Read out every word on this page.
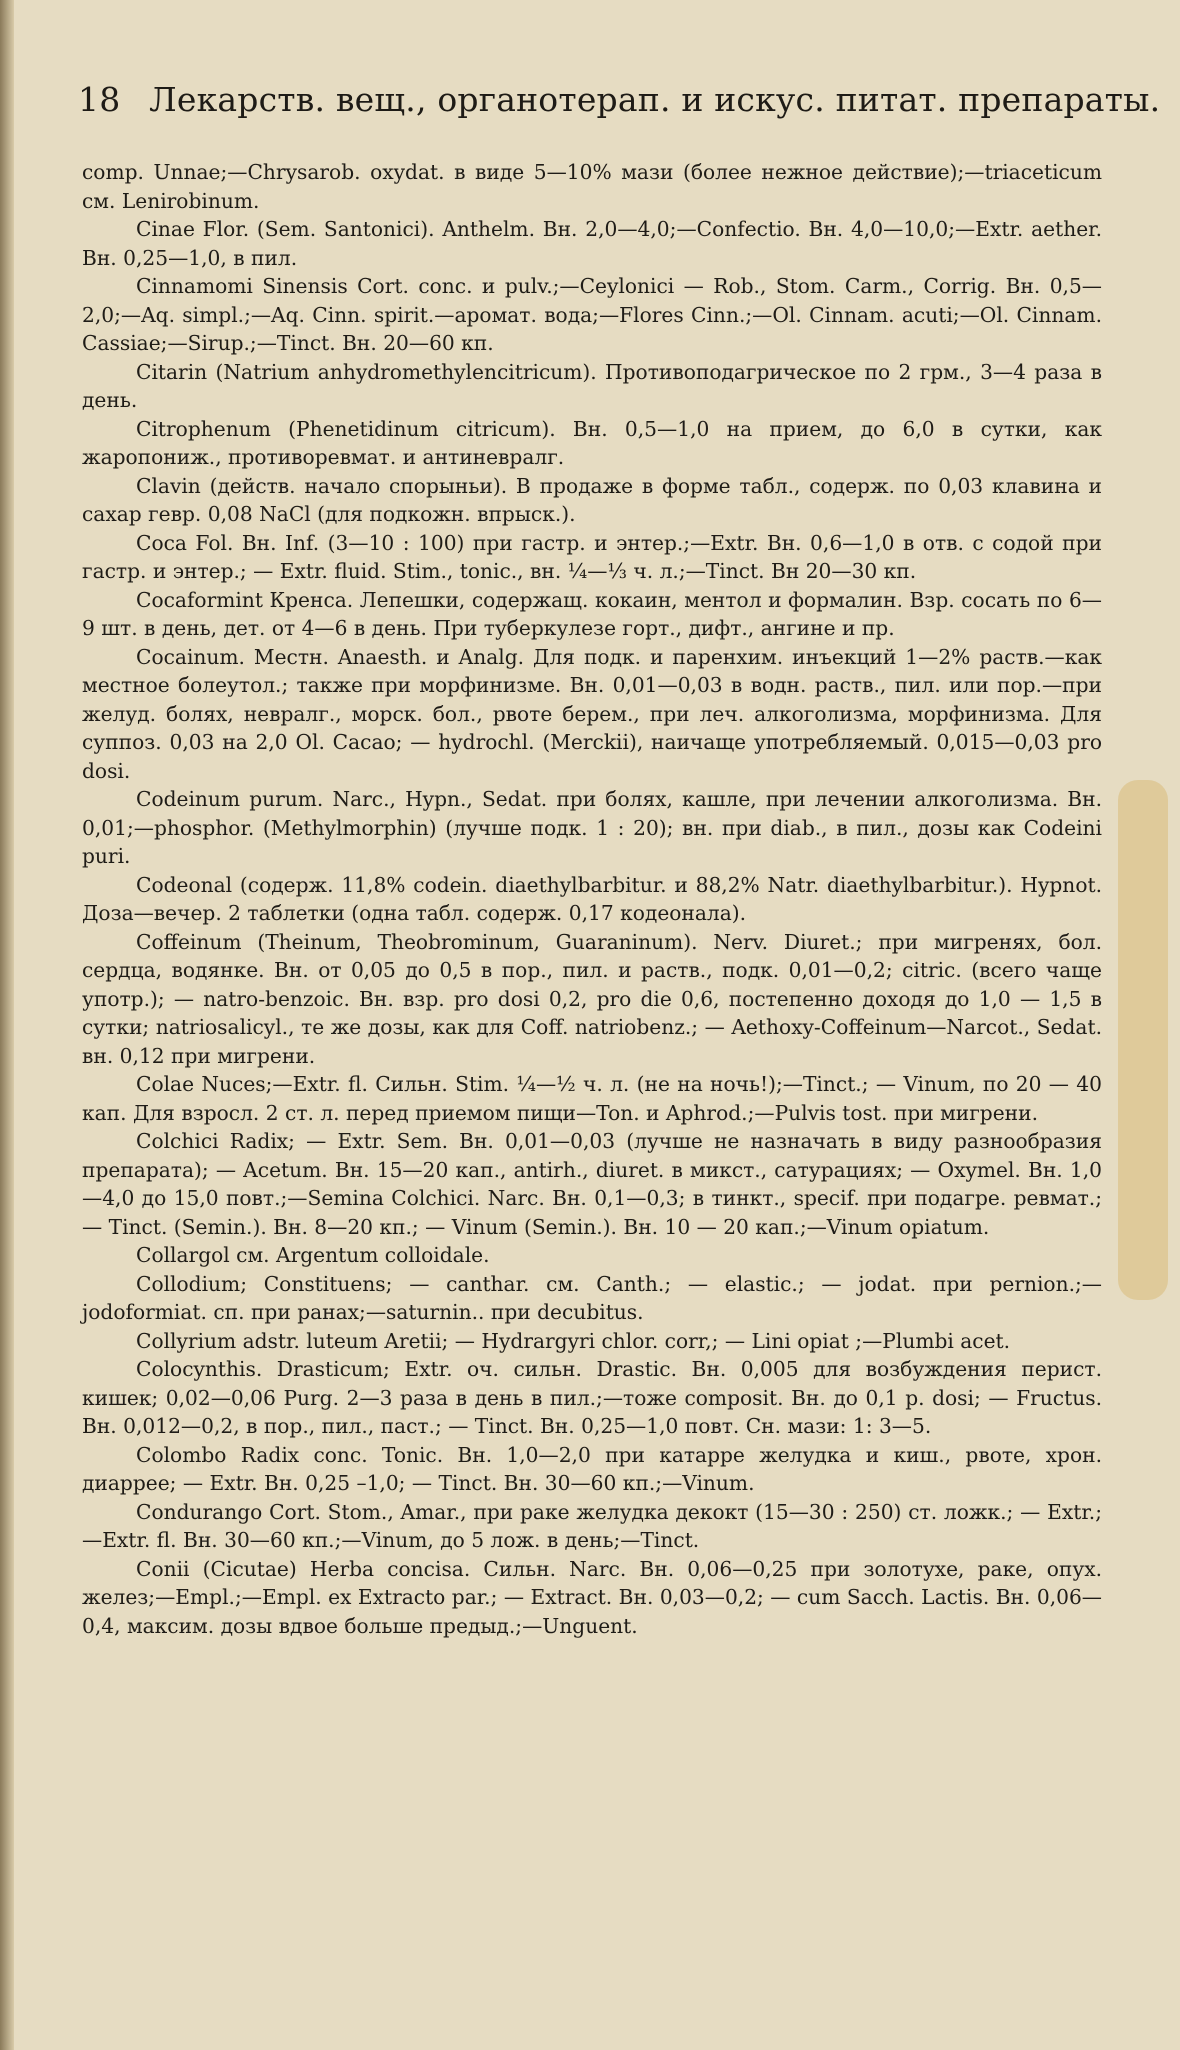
18 Лекарств. вещ., органотерап. и искус. питат. препараты.

comp. Unnae;—Chrysarob. oxydat. в виде 5—10% мази (более нежное действие);—triaceticum см. Lenirobinum.

Cinae Flor. (Sem. Santonici). Anthelm. Вн. 2,0—4,0;—Confectio. Вн. 4,0—10,0;—Extr. aether. Вн. 0,25—1,0, в пил.

Cinnamomi Sinensis Cort. conc. и pulv.;—Ceylonici — Rob., Stom. Carm., Corrig. Вн. 0,5—2,0;—Aq. simpl.;—Aq. Cinn. spirit.—аромат. вода;—Flores Cinn.;—Ol. Cinnam. acuti;—Ol. Cinnam. Cassiae;—Sirup.;—Tinct. Вн. 20—60 кп.

Citarin (Natrium anhydromethylencitricum). Противоподагрическое по 2 грм., 3—4 раза в день.

Citrophenum (Phenetidinum citricum). Вн. 0,5—1,0 на прием, до 6,0 в сутки, как жаропониж., противоревмат. и антиневралг.

Clavin (действ. начало спорыньи). В продаже в форме табл., содерж. по 0,03 клавина и сахар гевр. 0,08 NaCl (для подкожн. впрыск.).

Coca Fol. Вн. Inf. (3—10 : 100) при гастр. и энтер.;—Extr. Вн. 0,6—1,0 в отв. с содой при гастр. и энтер.; — Extr. fluid. Stim., tonic., вн. ¼—⅓ ч. л.;—Tinct. Вн 20—30 кп.

Cocaformint Кренса. Лепешки, содержащ. кокаин, ментол и формалин. Взр. сосать по 6—9 шт. в день, дет. от 4—6 в день. При туберкулезе горт., дифт., ангине и пр.

Cocainum. Местн. Anaesth. и Analg. Для подк. и паренхим. инъекций 1—2% раств.—как местное болеутол.; также при морфинизме. Вн. 0,01—0,03 в водн. раств., пил. или пор.—при желуд. болях, невралг., морск. бол., рвоте берем., при леч. алкоголизма, морфинизма. Для суппоз. 0,03 на 2,0 Ol. Cacao; — hydrochl. (Merckii), наичаще употребляемый. 0,015—0,03 pro dosi.

Codeinum purum. Narc., Hypn., Sedat. при болях, кашле, при лечении алкоголизма. Вн. 0,01;—phosphor. (Methylmorphin) (лучше подк. 1 : 20); вн. при diab., в пил., дозы как Codeini puri.

Codeonal (содерж. 11,8% codein. diaethylbarbitur. и 88,2% Natr. diaethylbarbitur.). Hypnot. Доза—вечер. 2 таблетки (одна табл. содерж. 0,17 кодеонала).

Coffeinum (Theinum, Theobrominum, Guaraninum). Nerv. Diuret.; при мигренях, бол. сердца, водянке. Вн. от 0,05 до 0,5 в пор., пил. и раств., подк. 0,01—0,2; citric. (всего чаще употр.); — natro-benzoic. Вн. взр. pro dosi 0,2, pro die 0,6, постепенно доходя до 1,0 — 1,5 в сутки; natriosalicyl., те же дозы, как для Coff. natriobenz.; — Aethoxy-Coffeinum—Narcot., Sedat. вн. 0,12 при мигрени.

Colae Nuces;—Extr. fl. Сильн. Stim. ¼—½ ч. л. (не на ночь!);—Tinct.; — Vinum, по 20 — 40 кап. Для взросл. 2 ст. л. перед приемом пищи—Ton. и Aphrod.;—Pulvis tost. при мигрени.

Colchici Radix; — Extr. Sem. Вн. 0,01—0,03 (лучше не назначать в виду разнообразия препарата); — Acetum. Вн. 15—20 кап., antirh., diuret. в микст., сатурациях; — Oxymel. Вн. 1,0—4,0 до 15,0 повт.;—Semina Colchici. Narc. Вн. 0,1—0,3; в тинкт., specif. при подагре. ревмат.; — Tinct. (Semin.). Вн. 8—20 кп.; — Vinum (Semin.). Вн. 10 — 20 кап.;—Vinum opiatum.

Collargol см. Argentum colloidale.

Collodium; Constituens; — canthar. см. Canth.; — elastic.; — jodat. при pernion.;—jodoformiat. сп. при ранах;—saturnin.. при decubitus.

Collyrium adstr. luteum Aretii; — Hydrargyri chlor. corr,; — Lini opiat ;—Plumbi acet.

Colocynthis. Drasticum; Extr. оч. сильн. Drastic. Вн. 0,005 для возбуждения перист. кишек; 0,02—0,06 Purg. 2—3 раза в день в пил.;—тоже composit. Вн. до 0,1 p. dosi; — Fructus. Вн. 0,012—0,2, в пор., пил., паст.; — Tinct. Вн. 0,25—1,0 повт. Сн. мази: 1: 3—5.

Colombo Radix conc. Tonic. Вн. 1,0—2,0 при катарре желудка и киш., рвоте, хрон. диаррее; — Extr. Вн. 0,25 –1,0; — Tinct. Вн. 30—60 кп.;—Vinum.

Condurango Cort. Stom., Amar., при раке желудка декокт (15—30 : 250) ст. ложк.; — Extr.;—Extr. fl. Вн. 30—60 кп.;—Vinum, до 5 лож. в день;—Tinct.

Conii (Cicutae) Herba concisa. Сильн. Narc. Вн. 0,06—0,25 при золотухе, раке, опух. желез;—Empl.;—Empl. ex Extracto par.; — Extract. Вн. 0,03—0,2; — cum Sacch. Lactis. Вн. 0,06—0,4, максим. дозы вдвое больше предыд.;—Unguent.
